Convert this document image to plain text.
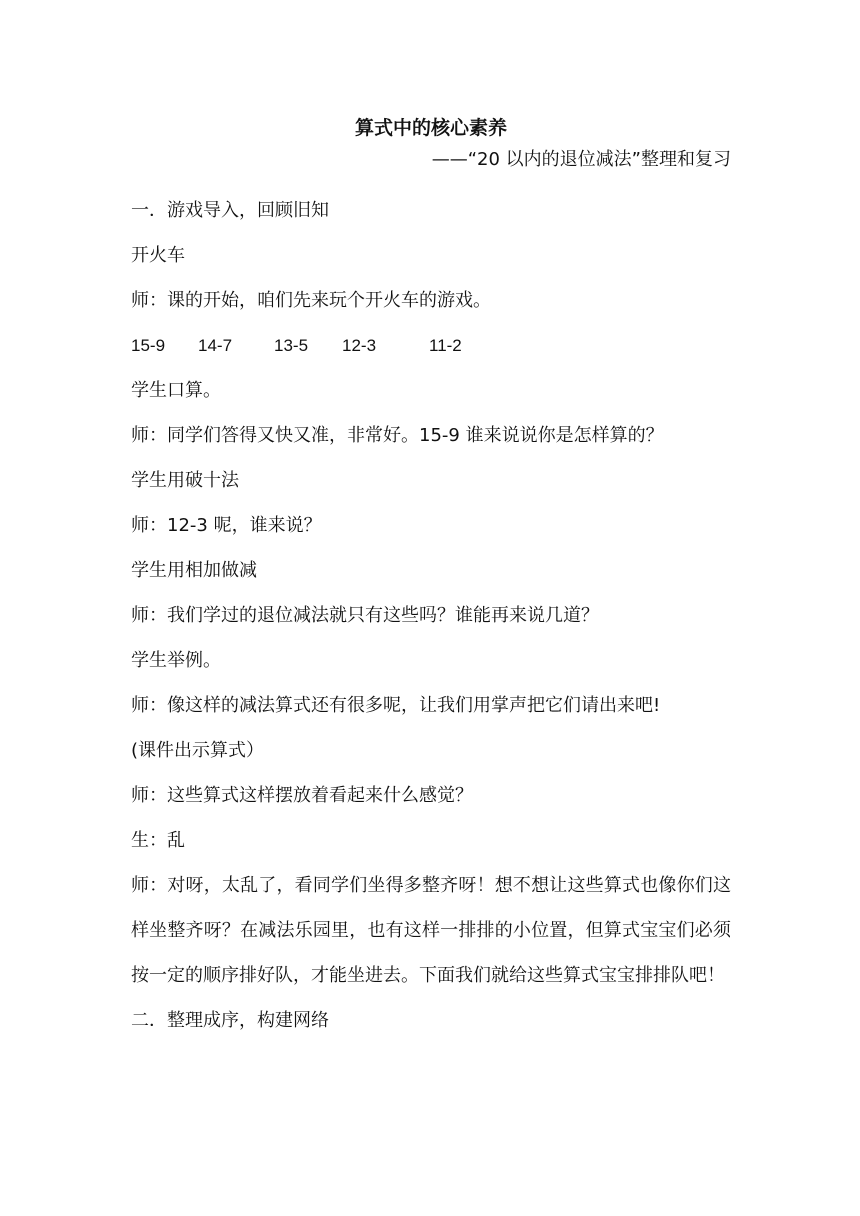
算式中的核心素养
——“20 以内的退位减法”整理和复习
一．游戏导入，回顾旧知
开火车
师：课的开始，咱们先来玩个开火车的游戏。
15-9 14-7 13-5 12-3	11-2
学生口算。
师：同学们答得又快又准，非常好。15-9 谁来说说你是怎样算的？
学生用破十法
师：12-3 呢，谁来说？
学生用相加做减
师：我们学过的退位减法就只有这些吗？谁能再来说几道？
学生举例。
师：像这样的减法算式还有很多呢，让我们用掌声把它们请出来吧!
(课件出示算式）
师：这些算式这样摆放着看起来什么感觉？
生：乱

师：对呀，太乱了，看同学们坐得多整齐呀！想不想让这些算式也像你们这样坐整齐呀？在减法乐园里，也有这样一排排的小位置，但算式宝宝们必须按一定的顺序排好队，才能坐进去。下面我们就给这些算式宝宝排排队吧！

二．整理成序，构建网络
